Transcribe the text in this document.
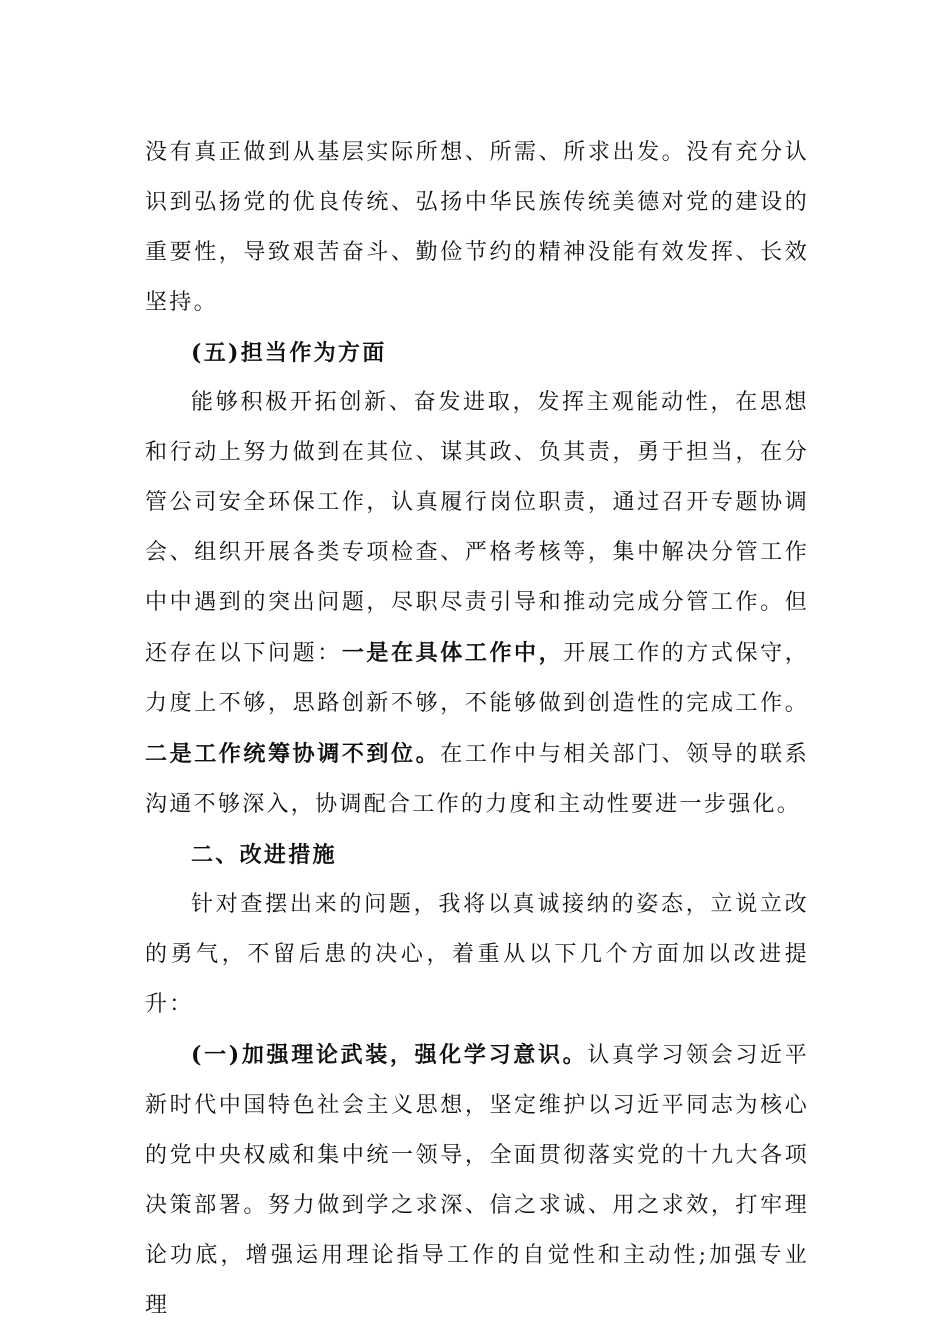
没有真正做到从基层实际所想、所需、所求出发。没有充分认识到弘扬党的优良传统、弘扬中华民族传统美德对党的建设的重要性，导致艰苦奋斗、勤俭节约的精神没能有效发挥、长效坚持。

(五)担当作为方面

能够积极开拓创新、奋发进取，发挥主观能动性，在思想和行动上努力做到在其位、谋其政、负其责，勇于担当，在分管公司安全环保工作，认真履行岗位职责，通过召开专题协调会、组织开展各类专项检查、严格考核等，集中解决分管工作中中遇到的突出问题，尽职尽责引导和推动完成分管工作。但还存在以下问题：一是在具体工作中，开展工作的方式保守，力度上不够，思路创新不够，不能够做到创造性的完成工作。二是工作统筹协调不到位。在工作中与相关部门、领导的联系沟通不够深入，协调配合工作的力度和主动性要进一步强化。

二、改进措施

针对查摆出来的问题，我将以真诚接纳的姿态，立说立改的勇气，不留后患的决心，着重从以下几个方面加以改进提升：

(一)加强理论武装，强化学习意识。认真学习领会习近平新时代中国特色社会主义思想，坚定维护以习近平同志为核心的党中央权威和集中统一领导，全面贯彻落实党的十九大各项决策部署。努力做到学之求深、信之求诚、用之求效，打牢理论功底，增强运用理论指导工作的自觉性和主动性;加强专业理
